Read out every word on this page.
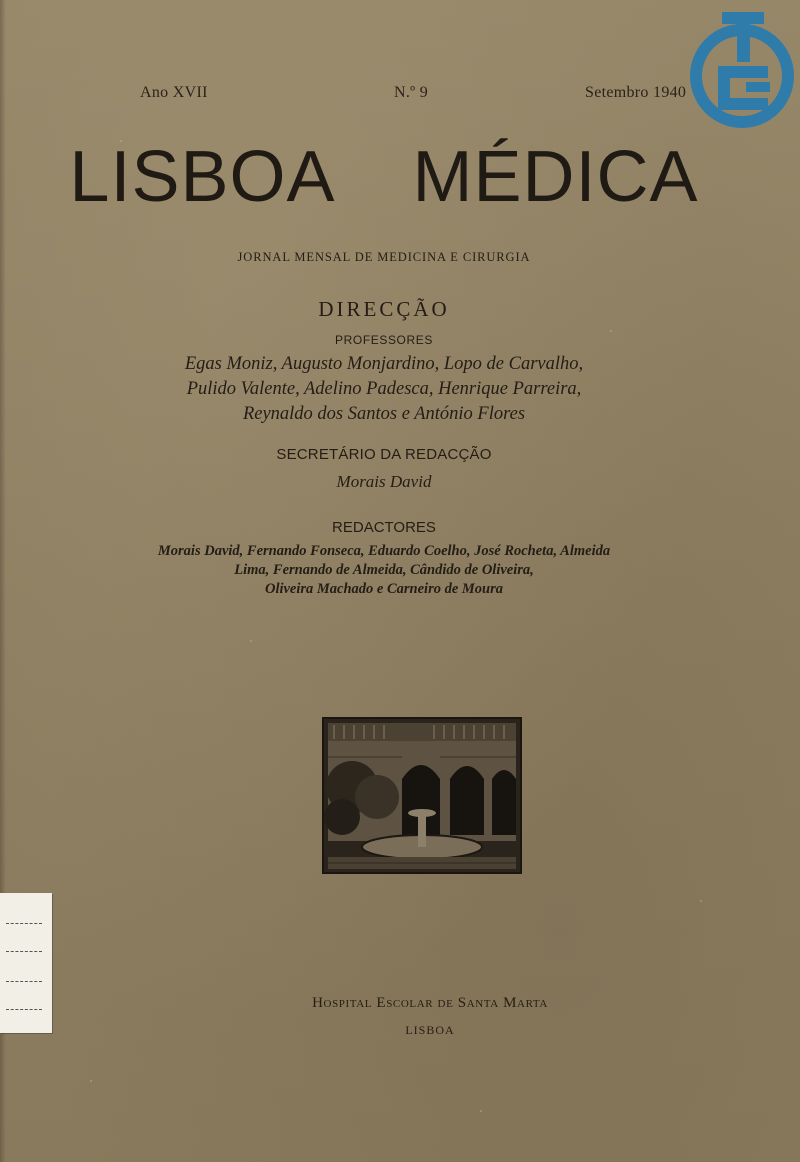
Ano XVII	N.º 9	Setembro 1940
LISBOA MÉDICA
JORNAL MENSAL DE MEDICINA E CIRURGIA
DIRECÇÃO
PROFESSORES
Egas Moniz, Augusto Monjardino, Lopo de Carvalho,
Pulido Valente, Adelino Padesca, Henrique Parreira,
Reynaldo dos Santos e António Flores
SECRETÁRIO DA REDACÇÃO
Morais David
REDACTORES
Morais David, Fernando Fonseca, Eduardo Coelho, José Rocheta, Almeida
Lima, Fernando de Almeida, Cândido de Oliveira,
Oliveira Machado e Carneiro de Moura
Hospital Escolar de Santa Marta
LISBOA
